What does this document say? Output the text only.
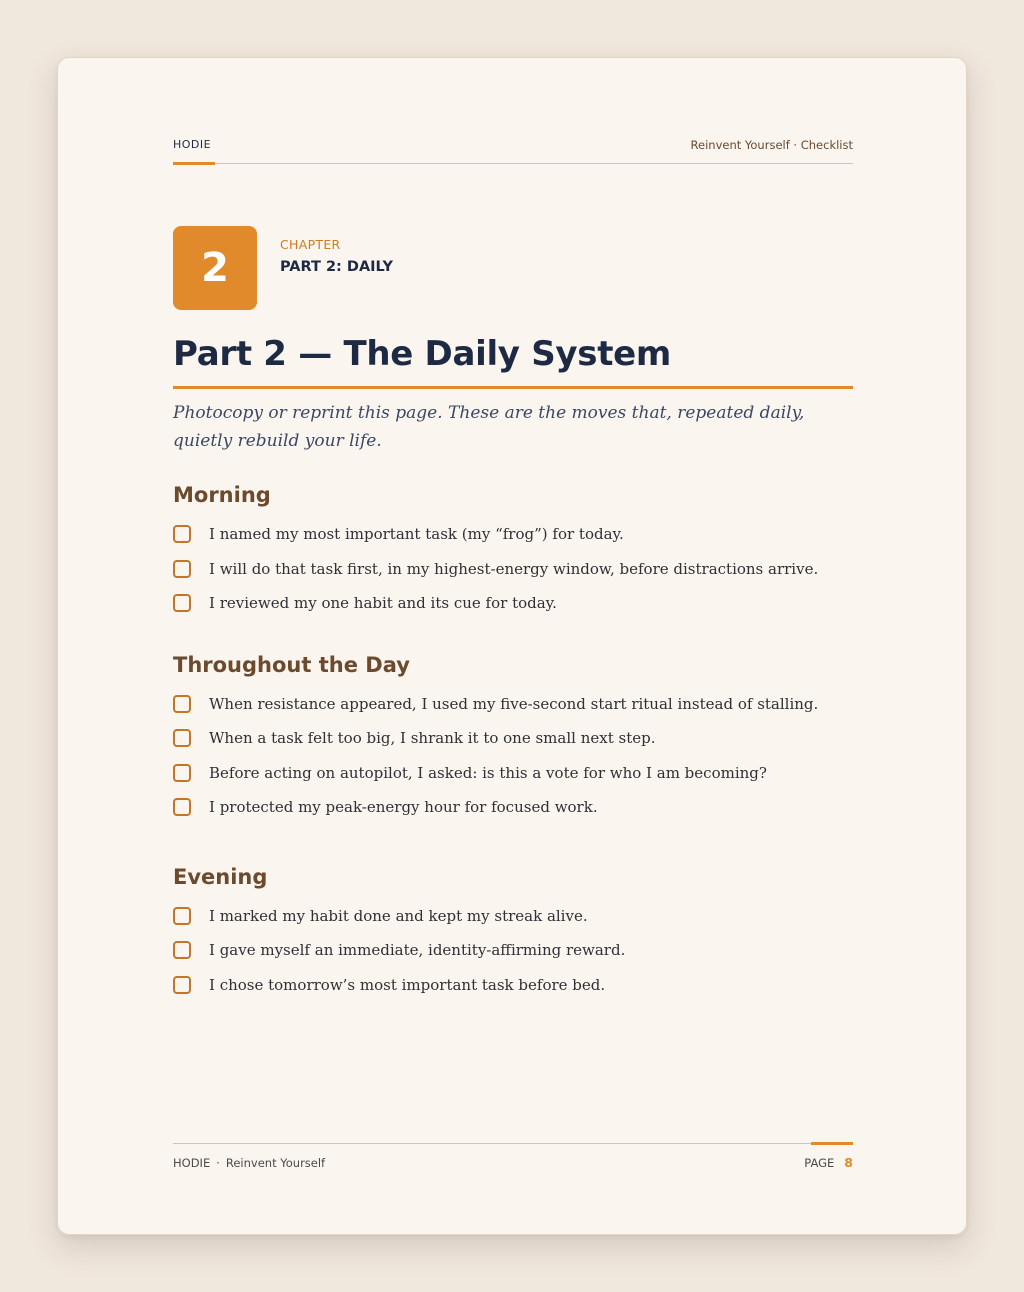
HODIE	Reinvent Yourself · Checklist
2
CHAPTER
PART 2: DAILY
Part 2 — The Daily System

Photocopy or reprint this page. These are the moves that, repeated daily, quietly rebuild your life.

Morning
I named my most important task (my “frog”) for today.
I will do that task first, in my highest-energy window, before distractions arrive.
I reviewed my one habit and its cue for today.
Throughout the Day
When resistance appeared, I used my five-second start ritual instead of stalling.
When a task felt too big, I shrank it to one small next step.
Before acting on autopilot, I asked: is this a vote for who I am becoming?
I protected my peak-energy hour for focused work.
Evening
I marked my habit done and kept my streak alive.
I gave myself an immediate, identity-affirming reward.
I chose tomorrow’s most important task before bed.
HODIE · Reinvent Yourself	PAGE 8
